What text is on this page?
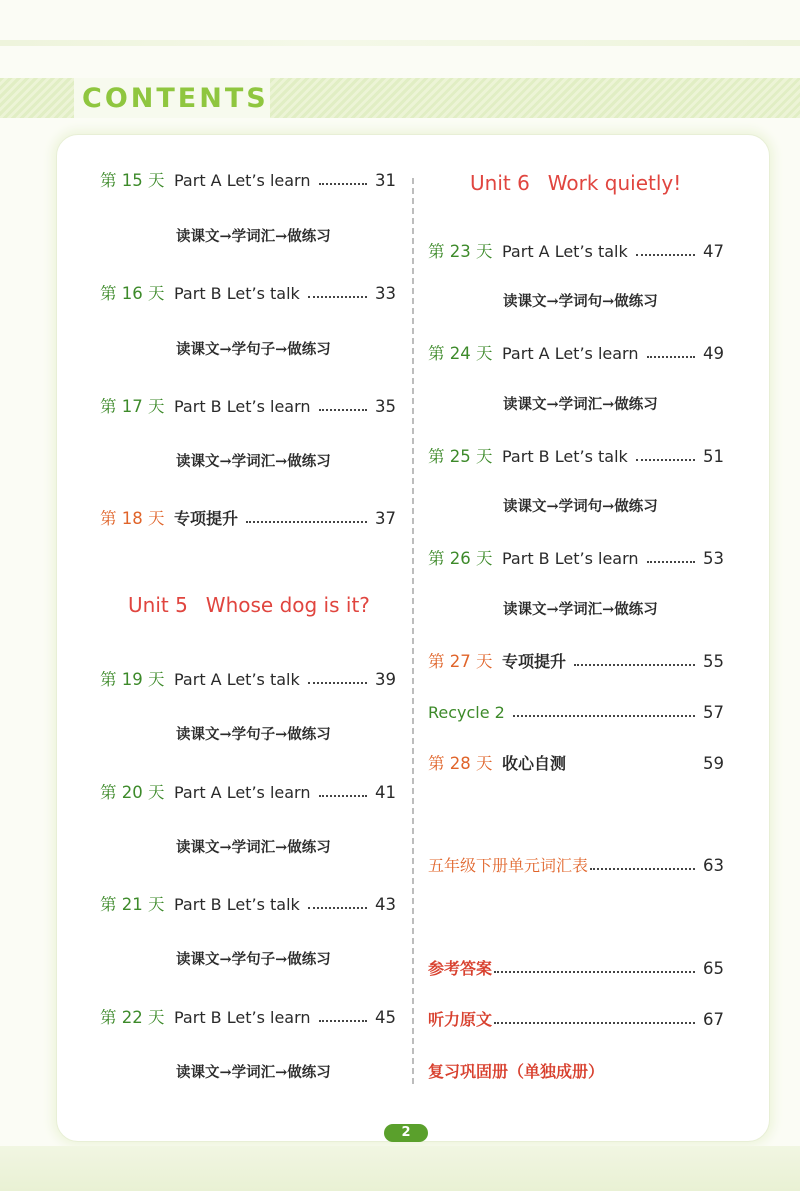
CONTENTS
第 15 天 Part A Let’s learn	31
读课文→学词汇→做练习
第 16 天 Part B Let’s talk	33
读课文→学句子→做练习
第 17 天 Part B Let’s learn	35
读课文→学词汇→做练习
第 18 天 专项提升	37
Unit 5 Whose dog is it?
第 19 天 Part A Let’s talk	39
读课文→学句子→做练习
第 20 天 Part A Let’s learn	41
读课文→学词汇→做练习
第 21 天 Part B Let’s talk	43
读课文→学句子→做练习
第 22 天 Part B Let’s learn	45
读课文→学词汇→做练习
Unit 6 Work quietly!
第 23 天 Part A Let’s talk	47
读课文→学词句→做练习
第 24 天 Part A Let’s learn	49
读课文→学词汇→做练习
第 25 天 Part B Let’s talk	51
读课文→学词句→做练习
第 26 天 Part B Let’s learn	53
读课文→学词汇→做练习
第 27 天 专项提升	55
Recycle 2	57
第 28 天 收心自测	59
五年级下册单元词汇表	63
参考答案	65
听力原文	67
复习巩固册（单独成册）
2
